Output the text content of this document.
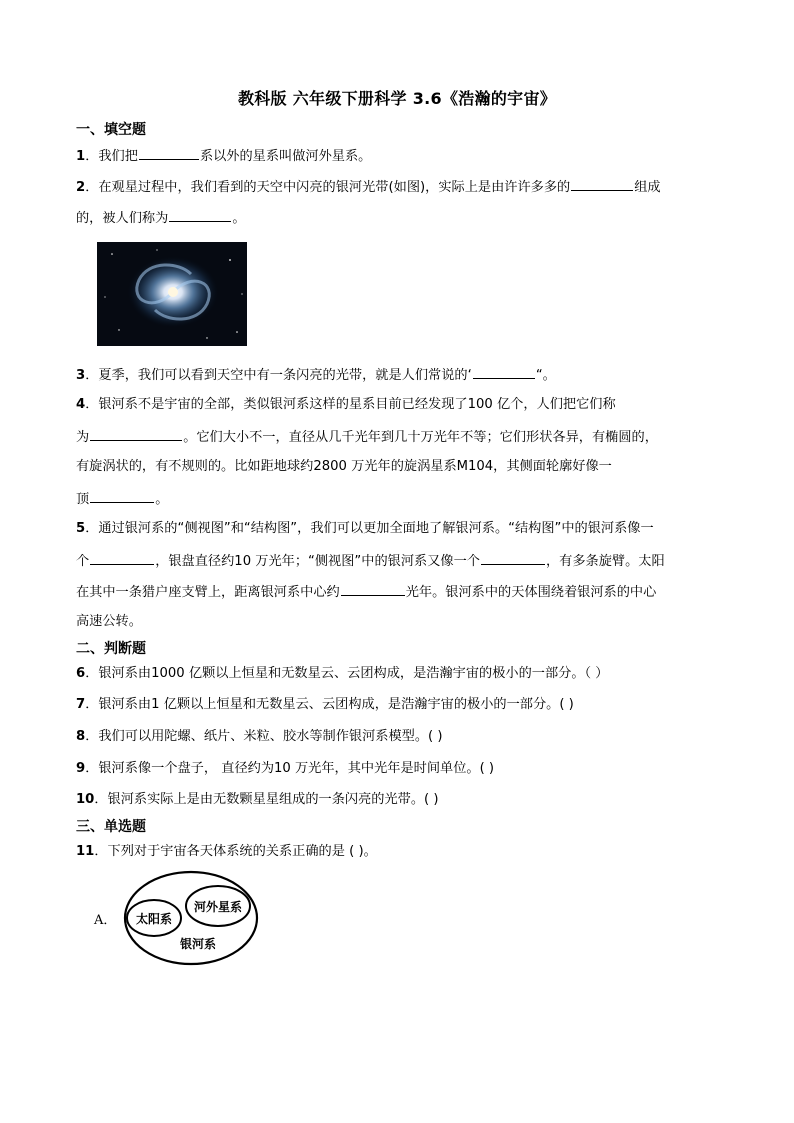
教科版 六年级下册科学 3.6《浩瀚的宇宙》
一、填空题
1．我们把	系以外的星系叫做河外星系。
2．在观星过程中，我们看到的天空中闪亮的银河光带(如图)，实际上是由许许多多的	组成
的，被人们称为	。
3．夏季，我们可以看到天空中有一条闪亮的光带，就是人们常说的‘	“。
4．银河系不是宇宙的全部，类似银河系这样的星系目前已经发现了100 亿个，人们把它们称
为	。它们大小不一，直径从几千光年到几十万光年不等；它们形状各异，有椭圆的，
有旋涡状的，有不规则的。比如距地球约2800 万光年的旋涡星系M104，其侧面轮廓好像一
顶	。
5．通过银河系的“侧视图”和“结构图”，我们可以更加全面地了解银河系。“结构图”中的银河系像一
个	，银盘直径约10 万光年；“侧视图”中的银河系又像一个	，有多条旋臂。太阳
在其中一条猎户座支臂上，距离银河系中心约	光年。银河系中的天体围绕着银河系的中心
高速公转。
二、判断题
6．银河系由1000 亿颗以上恒星和无数星云、云团构成，是浩瀚宇宙的极小的一部分。（ ）
7．银河系由1 亿颗以上恒星和无数星云、云团构成，是浩瀚宇宙的极小的一部分。( )
8．我们可以用陀螺、纸片、米粒、胶水等制作银河系模型。( )
9．银河系像一个盘子， 直径约为10 万光年，其中光年是时间单位。( )
10．银河系实际上是由无数颗星星组成的一条闪亮的光带。( )
三、单选题
11．下列对于宇宙各天体系统的关系正确的是 ( )。
A． 太阳系
河外星系
银河系
